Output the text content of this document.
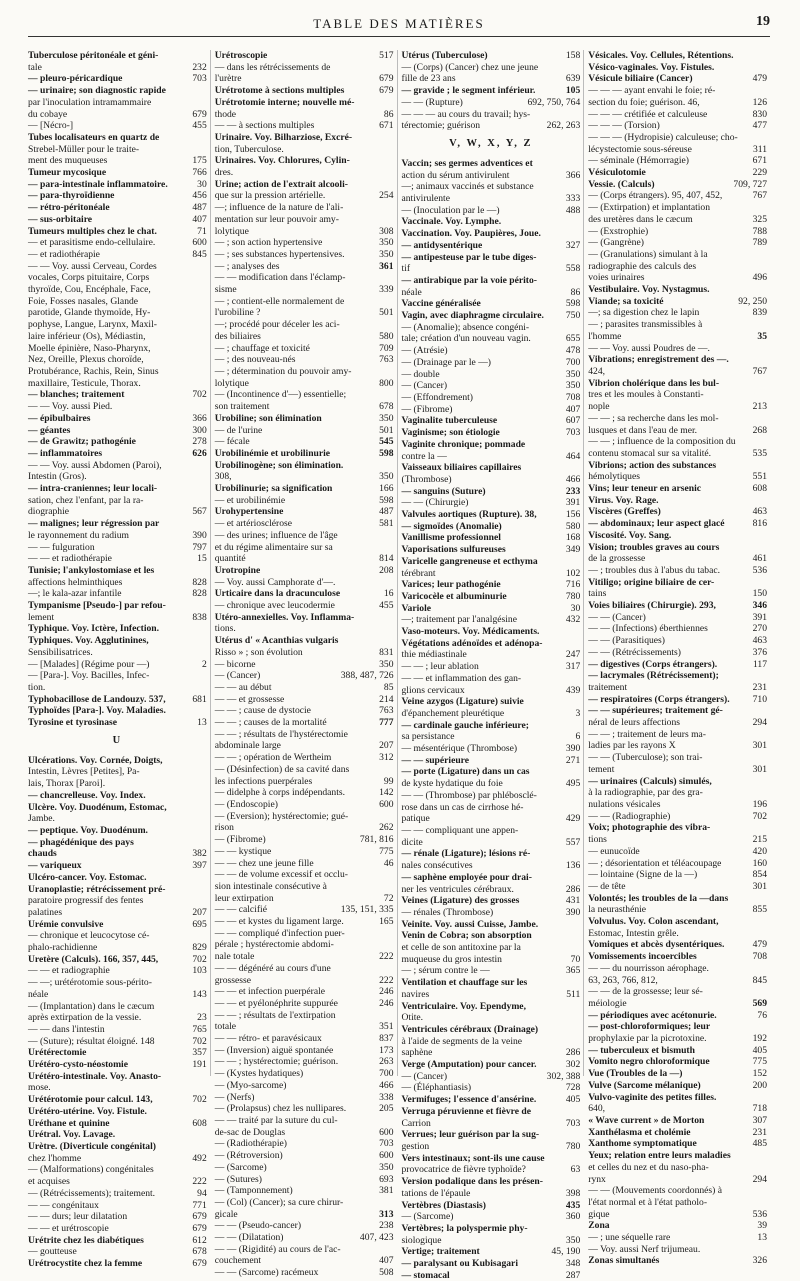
TABLE DES MATIÈRES	19
Tuberculose péritonéale et géni-
tale	232
— pleuro-péricardique	703
— urinaire; son diagnostic rapide
par l'inoculation intramammaire
du cobaye	679
— [Nécro-]	455
Tubes localisateurs en quartz de
Strebel-Müller pour le traite-
ment des muqueuses	175
Tumeur mycosique	766
— para-intestinale inflammatoire.	30
— para-thyroïdienne	456
— rétro-péritonéale	487
— sus-orbitaire	407
Tumeurs multiples chez le chat.	71
— et parasitisme endo-cellulaire.	600
— et radiothérapie	845
— — Voy. aussi Cerveau, Cordes
vocales, Corps pituitaire, Corps
thyroïde, Cou, Encéphale, Face,
Foie, Fosses nasales, Glande
parotide, Glande thymoïde, Hy-
pophyse, Langue, Larynx, Maxil-
laire inférieur (Os), Médiastin,
Moelle épinière, Naso-Pharynx,
Nez, Oreille, Plexus choroïde,
Protubérance, Rachis, Rein, Sinus
maxillaire, Testicule, Thorax.
— blanches; traitement	702
— — Voy. aussi Pied.
— épibulbaires	366
— géantes	300
— de Grawitz; pathogénie	278
— inflammatoires	626
— — Voy. aussi Abdomen (Paroi),
Intestin (Gros).
— intra-craniennes; leur locali-
sation, chez l'enfant, par la ra-
diographie	567
— malignes; leur régression par
le rayonnement du radium	390
— — fulguration	797
— — et radiothérapie	15
Tunisie; l'ankylostomiase et les
affections helminthiques	828
—; le kala-azar infantile	828
Tympanisme [Pseudo-] par refou-
lement	838
Typhique. Voy. Ictère, Infection.
Typhiques. Voy. Agglutinines,
Sensibilisatrices.
— [Malades] (Régime pour —)	2
— [Para-]. Voy. Bacilles, Infec-
tion.
Typhobacillose de Landouzy. 537,	681
Typhoïdes [Para-]. Voy. Maladies.
Tyrosine et tyrosinase	13
U
Ulcérations. Voy. Cornée, Doigts,
Intestin, Lèvres [Petites], Pa-
lais, Thorax [Paroi].
— chancrelleuse. Voy. Index.
Ulcère. Voy. Duodénum, Estomac,
Jambe.
— peptique. Voy. Duodénum.
— phagédénique des pays
chauds	382
— variqueux	397
Ulcéro-cancer. Voy. Estomac.
Uranoplastie; rétrécissement pré-
paratoire progressif des fentes
palatines	207
Urémie convulsive	695
— chronique et leucocytose cé-
phalo-rachidienne	829
Uretère (Calculs). 166, 357, 445,	702
— — et radiographie	103
— —; urétérotomie sous-périto-
néale	143
— (Implantation) dans le cæcum
après extirpation de la vessie.	23
— — dans l'intestin	765
— (Suture); résultat éloigné. 148	702
Urétérectomie	357
Urétéro-cysto-néostomie	191
Urétéro-intestinale. Voy. Anasto-
mose.
Urétérotomie pour calcul. 143,	702
Urétéro-utérine. Voy. Fistule.
Uréthane et quinine	608
Urétral. Voy. Lavage.
Urètre. (Diverticule congénital)
chez l'homme	492
— (Malformations) congénitales
et acquises	222
— (Rétrécissements); traitement.	94
— — congénitaux	771
— — durs; leur dilatation	679
— — et urétroscopie	679
Urétrite chez les diabétiques	612
— goutteuse	678
Urétrocystite chez la femme	679
Urétroscopie	517
— dans les rétrécissements de
l'urètre	679
Urétrotome à sections multiples	679
Urétrotomie interne; nouvelle mé-
thode	86
— — à sections multiples	671
Urinaire. Voy. Bilharziose, Excré-
tion, Tuberculose.
Urinaires. Voy. Chlorures, Cylin-
dres.
Urine; action de l'extrait alcooli-
que sur la pression artérielle.	254
—; influence de la nature de l'ali-
mentation sur leur pouvoir amy-
lolytique	308
— ; son action hypertensive	350
— ; ses substances hypertensives.	350
— ; analyses des	361
— — modification dans l'éclamp-
sisme	339
— ; contient-elle normalement de
l'urobiline ?	501
—; procédé pour déceler les aci-
des biliaires	580
— ; chauffage et toxicité	709
— ; des nouveau-nés	763
— ; détermination du pouvoir amy-
lolytique	800
— (Incontinence d'—) essentielle;
son traitement	678
Urobiline; son élimination	350
— de l'urine	501
— fécale	545
Urobilinémie et urobilinurie	598
Urobilinogène; son élimination.
308,	350
Urobilinurie; sa signification	166
— et urobilinémie	598
Urohypertensine	487
— et artériosclérose	581
— des urines; influence de l'âge
et du régime alimentaire sur sa
quantité	814
Urotropine	208
— Voy. aussi Camphorate d'—.
Urticaire dans la dracunculose	16
— chronique avec leucodermie	455
Utéro-annexielles. Voy. Inflamma-
tions.
Utérus d' « Acanthias vulgaris
Risso » ; son évolution	831
— bicorne	350
— (Cancer)	388, 487, 726
— — au début	85
— — et grossesse	214
— — ; cause de dystocie	763
— — ; causes de la mortalité	777
— — ; résultats de l'hystérectomie
abdominale large	207
— — ; opération de Wertheim	312
— (Désinfection) de sa cavité dans
les infections puerpérales	99
— didelphe à corps indépendants.	142
— (Endoscopie)	600
— (Eversion); hystérectomie; gué-
rison	262
— (Fibrome)	781, 816
— — kystique	775
— — chez une jeune fille	46
— — de volume excessif et occlu-
sion intestinale consécutive à
leur extirpation	72
— — calcifié	135, 151, 335
— — et kystes du ligament large.	165
— — compliqué d'infection puer-
pérale ; hystérectomie abdomi-
nale totale	222
— — dégénéré au cours d'une
grossesse	222
— — et infection puerpérale	246
— — et pyélonéphrite suppurée	246
— — ; résultats de l'extirpation
totale	351
— — rétro- et paravésicaux	837
— (Inversion) aiguë spontanée	173
— — ; hystérectomie; guérison.	263
— (Kystes hydatiques)	700
— (Myo-sarcome)	466
— (Nerfs)	338
— (Prolapsus) chez les nullipares.	205
— — traité par la suture du cul-
de-sac de Douglas	600
— (Radiothérapie)	703
— (Rétroversion)	600
— (Sarcome)	350
— (Sutures)	693
— (Tamponnement)	381
— (Col) (Cancer); sa cure chirur-
gicale	313
— — (Pseudo-cancer)	238
— — (Dilatation)	407, 423
— — (Rigidité) au cours de l'ac-
couchement	407
— — (Sarcome) racémeux	508
Utérus (Tuberculose)	158
— (Corps) (Cancer) chez une jeune
fille de 23 ans	639
— gravide ; le segment inférieur.	105
— — (Rupture)	692, 750, 764
— — — au cours du travail; hys-
térectomie; guérison	262, 263
V, W, X, Y, Z
Vaccin; ses germes adventices et
action du sérum antivirulent	366
—; animaux vaccinés et substance
antivirulente	333
— (Inoculation par le —)	488
Vaccinale. Voy. Lymphe.
Vaccination. Voy. Paupières, Joue.
— antidysentérique	327
— antipesteuse par le tube diges-
tif	558
— antirabique par la voie périto-
néale	86
Vaccine généralisée	598
Vagin, avec diaphragme circulaire.	750
— (Anomalie); absence congéni-
tale; création d'un nouveau vagin.	655
— (Atrésie)	478
— (Drainage par le —)	700
— double	350
— (Cancer)	350
— (Effondrement)	708
— (Fibrome)	407
Vaginalite tuberculeuse	607
Vaginisme; son étiologie	703
Vaginite chronique; pommade
contre la —	464
Vaisseaux biliaires capillaires
(Thrombose)	466
— sanguins (Suture)	233
— — (Chirurgie)	391
Valvules aortiques (Rupture). 38,	156
— sigmoïdes (Anomalie)	580
Vanillisme professionnel	168
Vaporisations sulfureuses	349
Varicelle gangreneuse et ecthyma
térébrant	102
Varices; leur pathogénie	716
Varicocèle et albuminurie	780
Variole	30
—; traitement par l'analgésine	432
Vaso-moteurs. Voy. Médicaments.
Végétations adénoïdes et adénopa-
thie médiastinale	247
— — ; leur ablation	317
— — et inflammation des gan-
glions cervicaux	439
Veine azygos (Ligature) suivie
d'épanchement pleurétique	3
— cardinale gauche inférieure;
sa persistance	6
— mésentérique (Thrombose)	390
— — supérieure	271
— porte (Ligature) dans un cas
de kyste hydatique du foie	495
— — (Thrombose) par phlébosclé-
rose dans un cas de cirrhose hé-
patique	429
— — compliquant une appen-
dicite	557
— rénale (Ligature); lésions ré-
nales consécutives	136
— saphène employée pour drai-
ner les ventricules cérébraux.	286
Veines (Ligature) des grosses	431
— rénales (Thrombose)	390
Veinite. Voy. aussi Cuisse, Jambe.
Venin de Cobra; son absorption
et celle de son antitoxine par la
muqueuse du gros intestin	70
— ; sérum contre le —	365
Ventilation et chauffage sur les
navires	511
Ventriculaire. Voy. Ependyme,
Otite.
Ventricules cérébraux (Drainage)
à l'aide de segments de la veine
saphène	286
Verge (Amputation) pour cancer.	302
— (Cancer)	302, 388
— (Éléphantiasis)	728
Vermifuges; l'essence d'ansérine.	405
Verruga péruvienne et fièvre de
Carrion	703
Verrues; leur guérison par la sug-
gestion	780
Vers intestinaux; sont-ils une cause
provocatrice de fièvre typhoïde?	63
Version podalique dans les présen-
tations de l'épaule	398
Vertèbres (Diastasis)	435
— (Sarcome)	360
Vertèbres; la polyspermie phy-
siologique	350
Vertige; traitement	45, 190
— paralysant ou Kubisagari	348
— stomacal	287
Vésicales. Voy. Cellules, Rétentions.
Vésico-vaginales. Voy. Fistules.
Vésicule biliaire (Cancer)	479
— — — ayant envahi le foie; ré-
section du foie; guérison. 46,	126
— — — crétifiée et calculeuse	830
— — — (Torsion)	477
— — — (Hydropisie) calculeuse; cho-
lécystectomie sous-séreuse	311
— séminale (Hémorragie)	671
Vésiculotomie	229
Vessie. (Calculs)	709, 727
— (Corps étrangers). 95, 407, 452,	767
— (Extirpation) et implantation
des uretères dans le cæcum	325
— (Exstrophie)	788
— (Gangrène)	789
— (Granulations) simulant à la
radiographie des calculs des
voies urinaires	496
Vestibulaire. Voy. Nystagmus.
Viande; sa toxicité	92, 250
—; sa digestion chez le lapin	839
— ; parasites transmissibles à
l'homme	35
— — Voy. aussi Poudres de —.
Vibrations; enregistrement des —.
424,	767
Vibrion cholérique dans les bul-
tres et les moules à Constanti-
nople	213
— — ; sa recherche dans les mol-
lusques et dans l'eau de mer.	268
— — ; influence de la composition du
contenu stomacal sur sa vitalité.	535
Vibrions; action des substances
hémolytiques	551
Vins; leur teneur en arsenic	608
Virus. Voy. Rage.
Viscères (Greffes)	463
— abdominaux; leur aspect glacé	816
Viscosité. Voy. Sang.
Vision; troubles graves au cours
de la grossesse	461
— ; troubles dus à l'abus du tabac.	536
Vitiligo; origine biliaire de cer-
tains	150
Voies biliaires (Chirurgie). 293,	346
— — (Cancer)	391
— — (Infections) éberthiennes	270
— — (Parasitiques)	463
— — (Rétrécissements)	376
— digestives (Corps étrangers).	117
— lacrymales (Rétrécissement);
traitement	231
— respiratoires (Corps étrangers).	710
— — supérieures; traitement gé-
néral de leurs affections	294
— — ; traitement de leurs ma-
ladies par les rayons X	301
— — (Tuberculose); son trai-
tement	301
— urinaires (Calculs) simulés,
à la radiographie, par des gra-
nulations vésicales	196
— — (Radiographie)	702
Voix; photographie des vibra-
tions	215
— eunucoïde	420
— ; désorientation et téléacoupage	160
— lointaine (Signe de la —)	854
— de tête	301
Volontés; les troubles de la —dans
la neurasthénie	855
Volvulus. Voy. Colon ascendant,
Estomac, Intestin grêle.
Vomiques et abcès dysentériques.	479
Vomissements incoercibles	708
— — du nourrisson aérophage.
63, 263, 766, 812,	845
— — de la grossesse; leur sé-
méiologie	569
— périodiques avec acétonurie.	76
— post-chloroformiques; leur
prophylaxie par la picrotoxine.	192
— tuberculeux et bismuth	405
Vomito negro chloroformique	775
Vue (Troubles de la —)	152
Vulve (Sarcome mélanique)	200
Vulvo-vaginite des petites filles.
640,	718
« Wave current » de Morton	307
Xanthélasma et cholémie	231
Xanthome symptomatique	485
Yeux; relation entre leurs maladies
et celles du nez et du naso-pha-
rynx	294
— — (Mouvements coordonnés) à
l'état normal et à l'état patholo-
gique	536
Zona	39
— ; une séquelle rare	13
— Voy. aussi Nerf trijumeau.
Zonas simultanés	326
